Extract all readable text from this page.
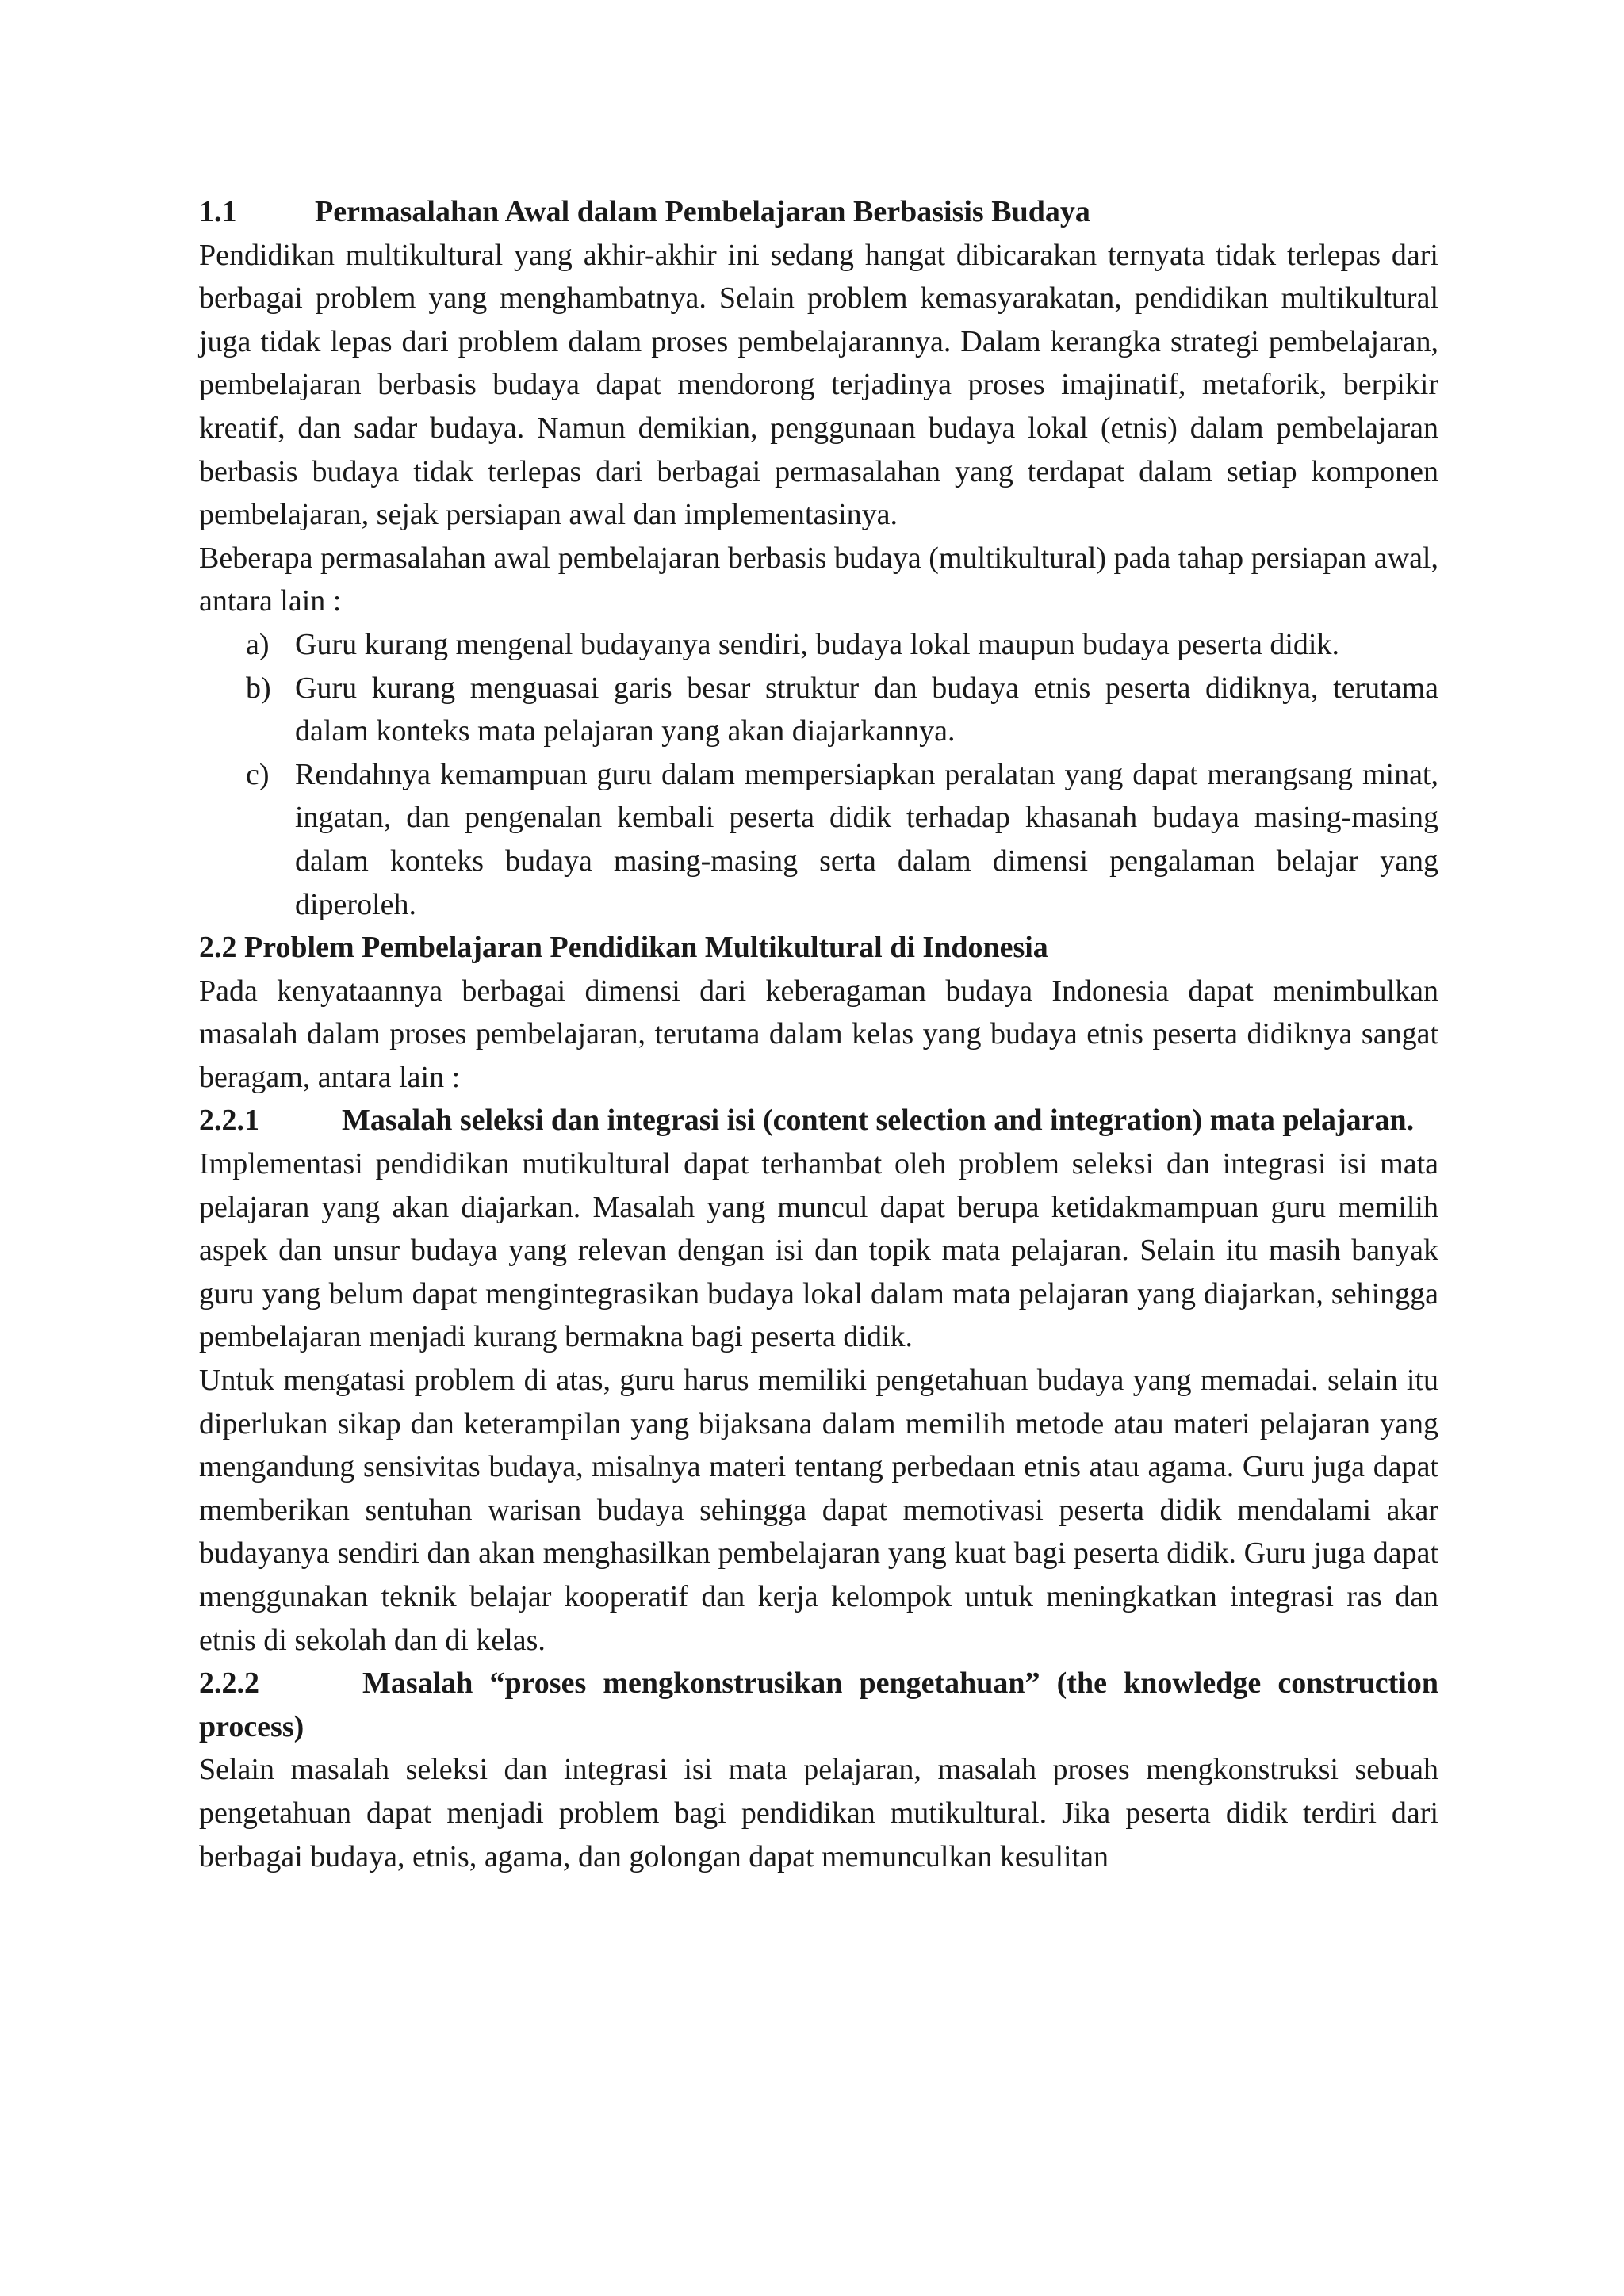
1.1	Permasalahan Awal dalam Pembelajaran Berbasisis Budaya

Pendidikan multikultural yang akhir-akhir ini sedang hangat dibicarakan ternyata tidak terlepas dari berbagai problem yang menghambatnya. Selain problem kemasyarakatan, pendidikan multikultural juga tidak lepas dari problem dalam proses pembelajarannya. Dalam kerangka strategi pembelajaran, pembelajaran berbasis budaya dapat mendorong terjadinya proses imajinatif, metaforik, berpikir kreatif, dan sadar budaya. Namun demikian, penggunaan budaya lokal (etnis) dalam pembelajaran berbasis budaya tidak terlepas dari berbagai permasalahan yang terdapat dalam setiap komponen pembelajaran, sejak persiapan awal dan implementasinya.

Beberapa permasalahan awal pembelajaran berbasis budaya (multikultural) pada tahap persiapan awal, antara lain :

a) Guru kurang mengenal budayanya sendiri, budaya lokal maupun budaya peserta didik.
b) Guru kurang menguasai garis besar struktur dan budaya etnis peserta didiknya, terutama dalam konteks mata pelajaran yang akan diajarkannya.
c) Rendahnya kemampuan guru dalam mempersiapkan peralatan yang dapat merangsang minat, ingatan, dan pengenalan kembali peserta didik terhadap khasanah budaya masing-masing dalam konteks budaya masing-masing serta dalam dimensi pengalaman belajar yang diperoleh.
2.2 Problem Pembelajaran Pendidikan Multikultural di Indonesia

Pada kenyataannya berbagai dimensi dari keberagaman budaya Indonesia dapat menimbulkan masalah dalam proses pembelajaran, terutama dalam kelas yang budaya etnis peserta didiknya sangat beragam, antara lain :

2.2.1	Masalah seleksi dan integrasi isi (content selection and integration) mata pelajaran.

Implementasi pendidikan mutikultural dapat terhambat oleh problem seleksi dan integrasi isi mata pelajaran yang akan diajarkan. Masalah yang muncul dapat berupa ketidakmampuan guru memilih aspek dan unsur budaya yang relevan dengan isi dan topik mata pelajaran. Selain itu masih banyak guru yang belum dapat mengintegrasikan budaya lokal dalam mata pelajaran yang diajarkan, sehingga pembelajaran menjadi kurang bermakna bagi peserta didik.

Untuk mengatasi problem di atas, guru harus memiliki pengetahuan budaya yang memadai. selain itu diperlukan sikap dan keterampilan yang bijaksana dalam memilih metode atau materi pelajaran yang mengandung sensivitas budaya, misalnya materi tentang perbedaan etnis atau agama. Guru juga dapat memberikan sentuhan warisan budaya sehingga dapat memotivasi peserta didik mendalami akar budayanya sendiri dan akan menghasilkan pembelajaran yang kuat bagi peserta didik. Guru juga dapat menggunakan teknik belajar kooperatif dan kerja kelompok untuk meningkatkan integrasi ras dan etnis di sekolah dan di kelas.

2.2.2	Masalah “proses mengkonstrusikan pengetahuan” (the knowledge construction process)

Selain masalah seleksi dan integrasi isi mata pelajaran, masalah proses mengkonstruksi sebuah pengetahuan dapat menjadi problem bagi pendidikan mutikultural. Jika peserta didik terdiri dari berbagai budaya, etnis, agama, dan golongan dapat memunculkan kesulitan
